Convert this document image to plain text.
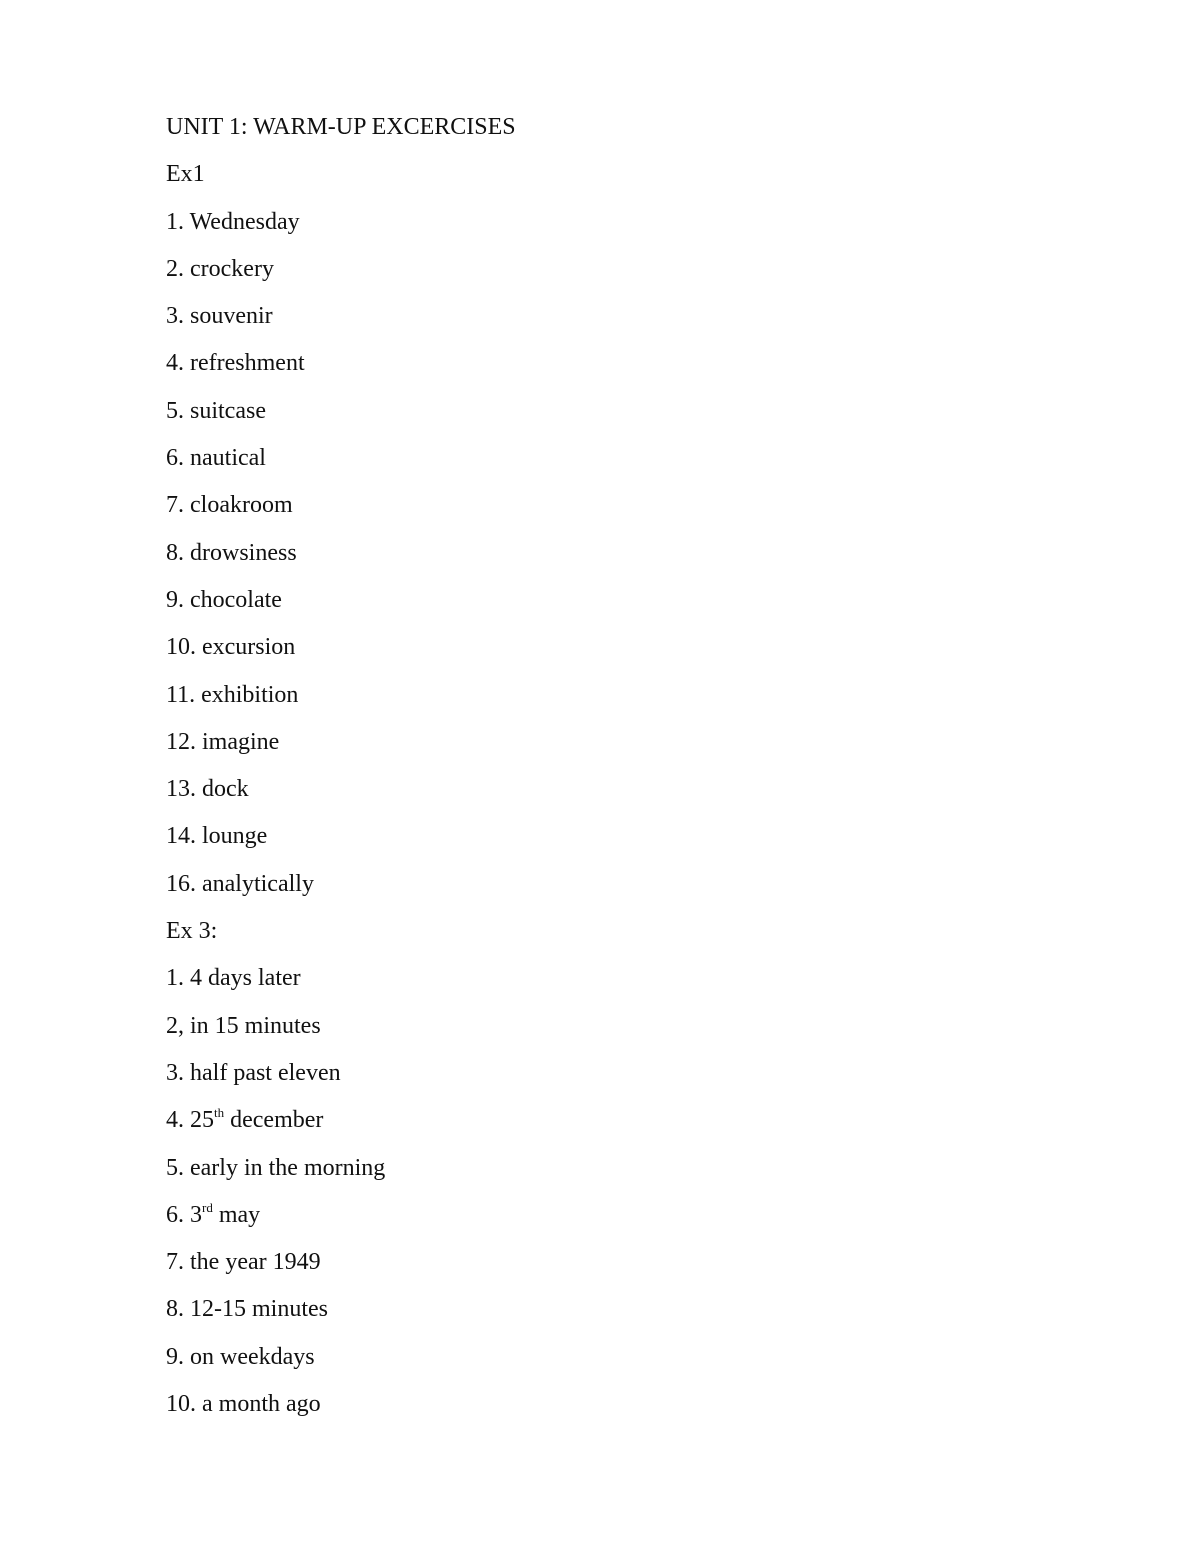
UNIT 1: WARM-UP EXCERCISES
Ex1
1. Wednesday
2. crockery
3. souvenir
4. refreshment
5. suitcase
6. nautical
7. cloakroom
8. drowsiness
9. chocolate
10. excursion
11. exhibition
12. imagine
13. dock
14. lounge
16. analytically
Ex 3:
1. 4 days later
2, in 15 minutes
3. half past eleven
4. 25th december
5. early in the morning
6. 3rd may
7. the year 1949
8. 12-15 minutes
9. on weekdays
10. a month ago
